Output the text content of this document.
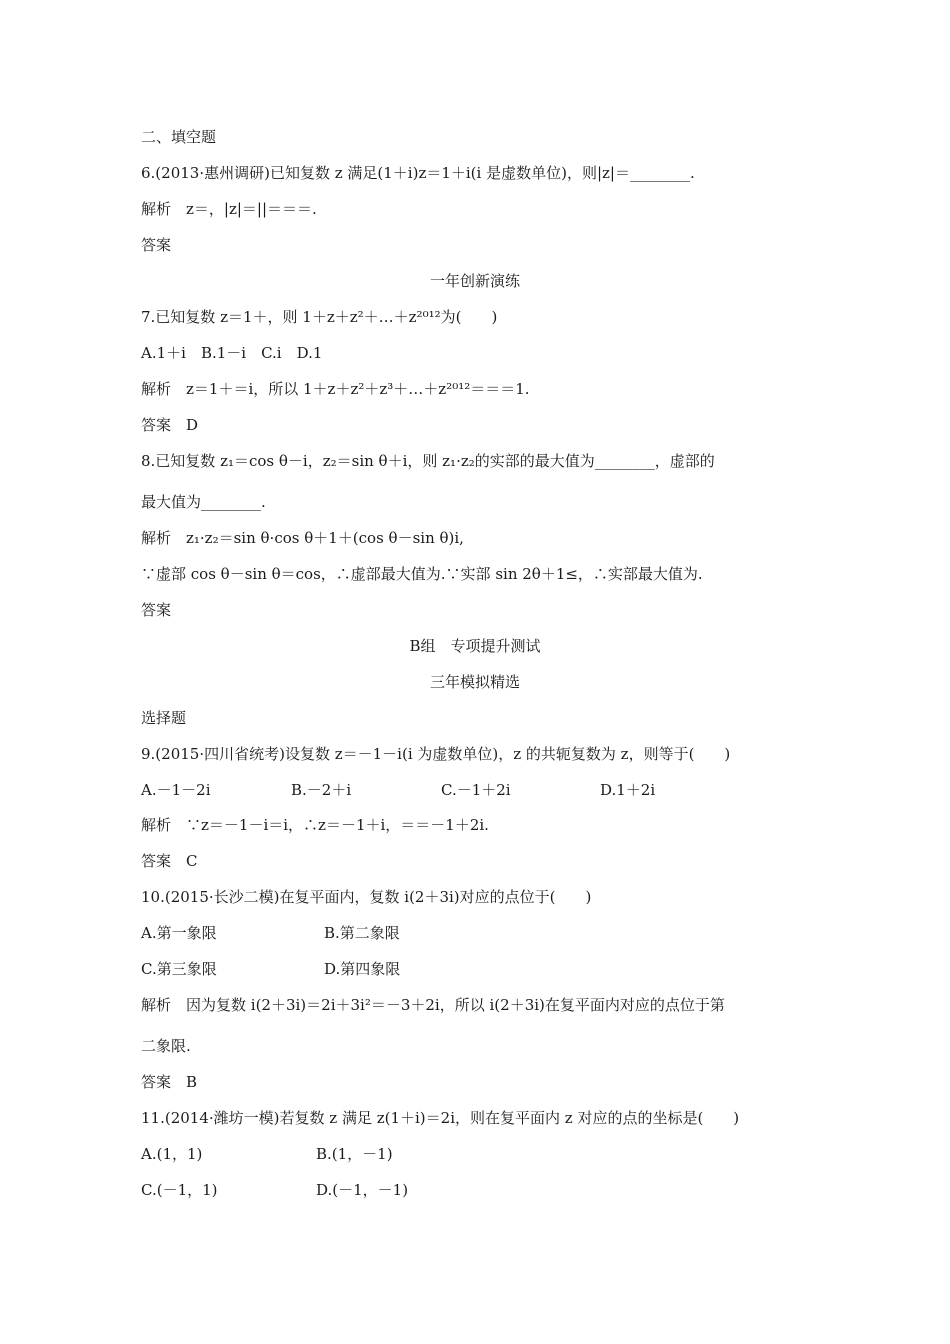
二、填空题
6.(2013·惠州调研)已知复数 z 满足(1＋i)z＝1＋i(i 是虚数单位)，则|z|＝________.
解析　z＝，|z|＝||＝＝＝.
答案
一年创新演练
7.已知复数 z＝1＋，则 1＋z＋z²＋…＋z²⁰¹²为(　　)
A.1＋i　B.1－i　C.i　D.1
解析　z＝1＋＝i，所以 1＋z＋z²＋z³＋…＋z²⁰¹²＝＝＝1.
答案　D
8.已知复数 z₁＝cos θ－i，z₂＝sin θ＋i，则 z₁·z₂的实部的最大值为________，虚部的
最大值为________.
解析　z₁·z₂＝sin θ·cos θ＋1＋(cos θ－sin θ)i,
∵虚部 cos θ－sin θ＝cos，∴虚部最大值为.∵实部 sin 2θ＋1≤，∴实部最大值为.
答案
B组　专项提升测试
三年模拟精选
选择题
9.(2015·四川省统考)设复数 z＝－1－i(i 为虚数单位)，z 的共轭复数为 z，则等于(　　)
A.－1－2i	B.－2＋i	C.－1＋2i	D.1＋2i
解析　∵z＝－1－i＝i，∴z＝－1＋i，＝＝－1＋2i.
答案　C
10.(2015·长沙二模)在复平面内，复数 i(2＋3i)对应的点位于(　　)
A.第一象限	B.第二象限
C.第三象限	D.第四象限
解析　因为复数 i(2＋3i)＝2i＋3i²＝－3＋2i，所以 i(2＋3i)在复平面内对应的点位于第
二象限.
答案　B
11.(2014·潍坊一模)若复数 z 满足 z(1＋i)＝2i，则在复平面内 z 对应的点的坐标是(　　)
A.(1，1)	B.(1，－1)
C.(－1，1)	D.(－1，－1)
